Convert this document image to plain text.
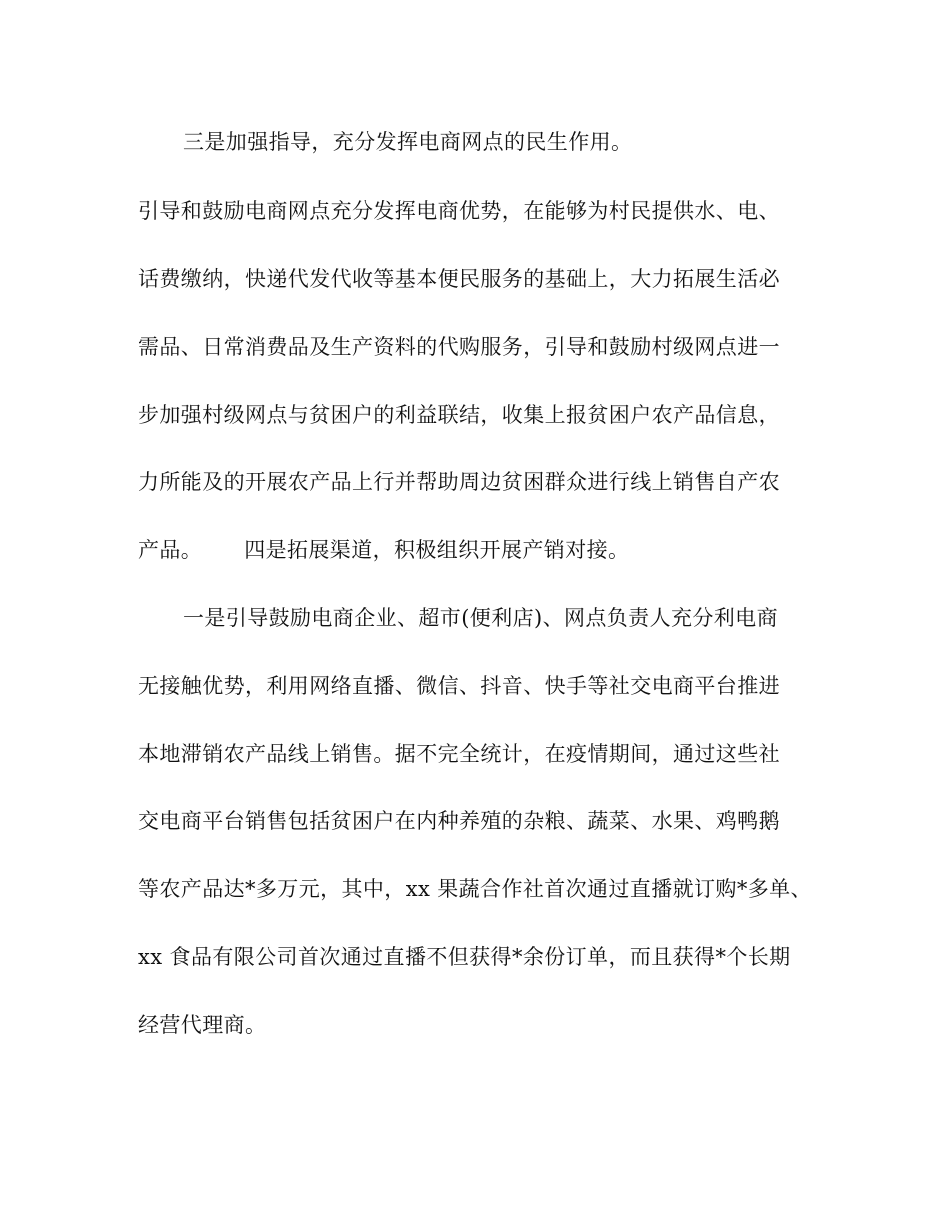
三是加强指导，充分发挥电商网点的民生作用。
引导和鼓励电商网点充分发挥电商优势，在能够为村民提供水、电、
话费缴纳，快递代发代收等基本便民服务的基础上，大力拓展生活必
需品、日常消费品及生产资料的代购服务，引导和鼓励村级网点进一
步加强村级网点与贫困户的利益联结，收集上报贫困户农产品信息，
力所能及的开展农产品上行并帮助周边贫困群众进行线上销售自产农
产品。 四是拓展渠道，积极组织开展产销对接。
一是引导鼓励电商企业、超市(便利店)、网点负责人充分利电商
无接触优势，利用网络直播、微信、抖音、快手等社交电商平台推进
本地滞销农产品线上销售。据不完全统计，在疫情期间，通过这些社
交电商平台销售包括贫困户在内种养殖的杂粮、蔬菜、水果、鸡鸭鹅
等农产品达*多万元，其中，xx 果蔬合作社首次通过直播就订购*多单、
xx 食品有限公司首次通过直播不但获得*余份订单，而且获得*个长期
经营代理商。
